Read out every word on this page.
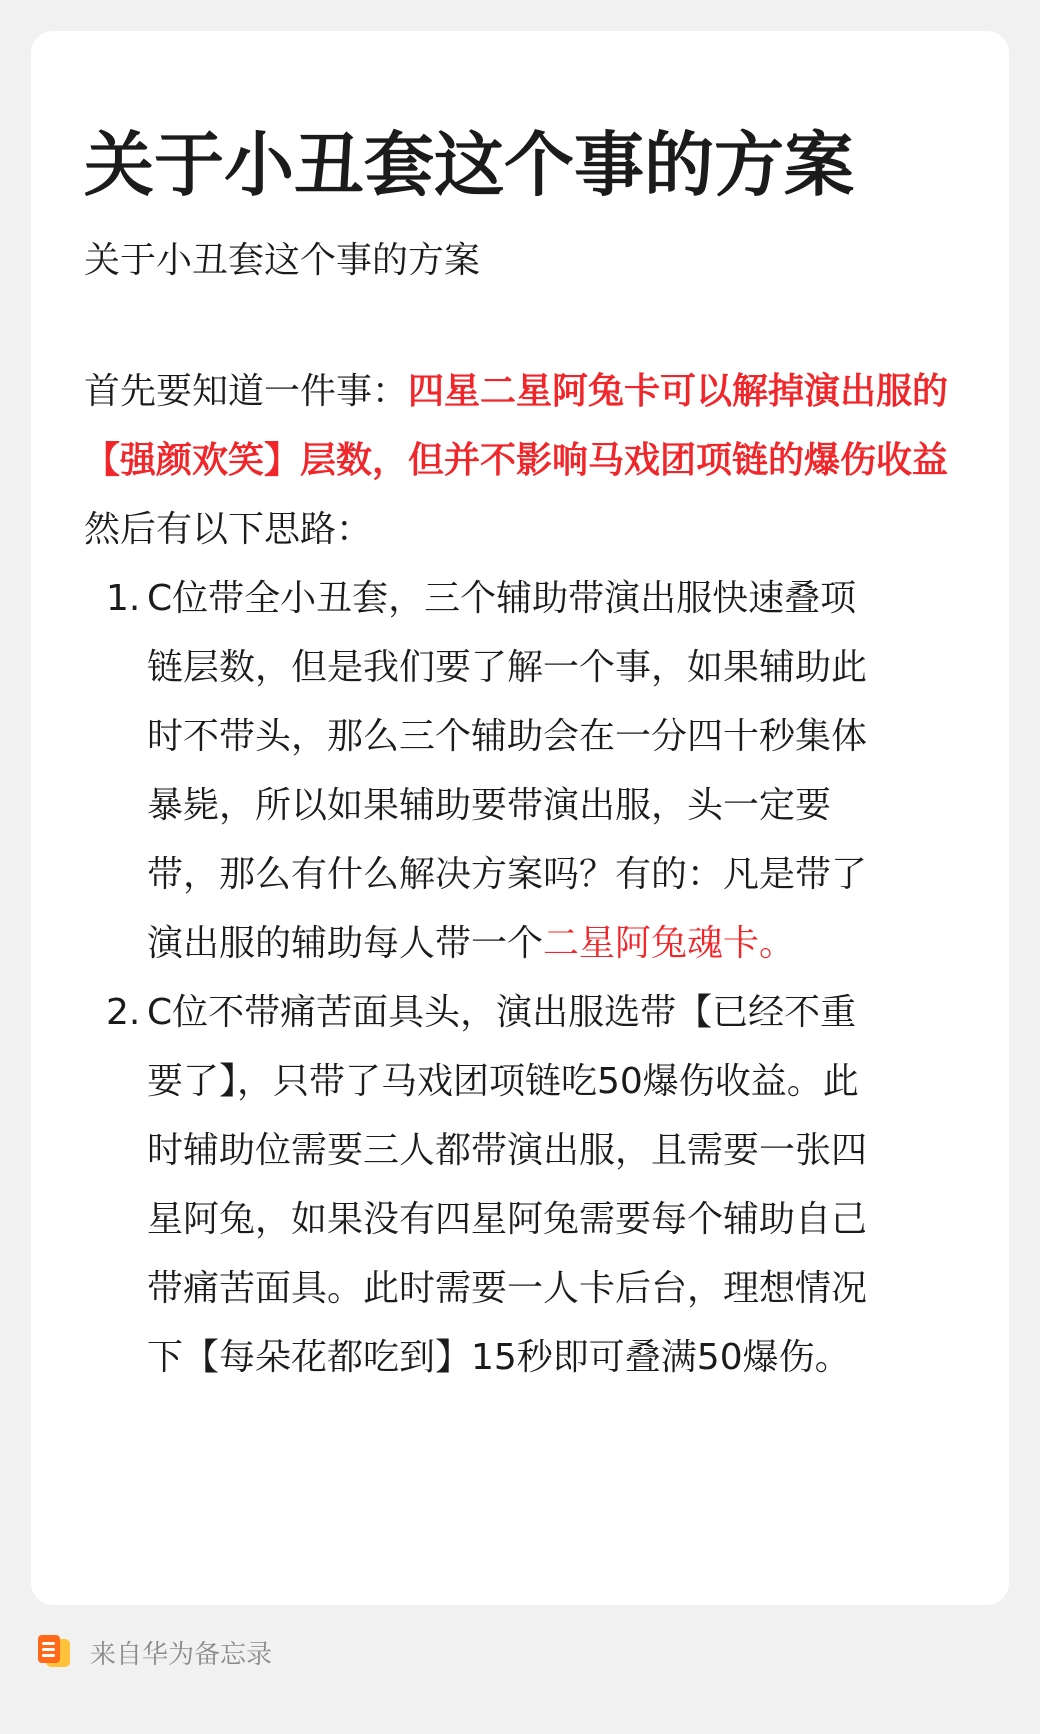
关于小丑套这个事的方案
关于小丑套这个事的方案

首先要知道一件事：四星二星阿兔卡可以解掉演出服的【强颜欢笑】层数，但并不影响马戏团项链的爆伤收益

然后有以下思路：

1. C位带全小丑套，三个辅助带演出服快速叠项链层数，但是我们要了解一个事，如果辅助此时不带头，那么三个辅助会在一分四十秒集体暴毙，所以如果辅助要带演出服，头一定要带，那么有什么解决方案吗？有的：凡是带了演出服的辅助每人带一个二星阿兔魂卡。
2. C位不带痛苦面具头，演出服选带【已经不重要了】，只带了马戏团项链吃50爆伤收益。此时辅助位需要三人都带演出服，且需要一张四星阿兔，如果没有四星阿兔需要每个辅助自己带痛苦面具。此时需要一人卡后台，理想情况下【每朵花都吃到】15秒即可叠满50爆伤。
来自华为备忘录
